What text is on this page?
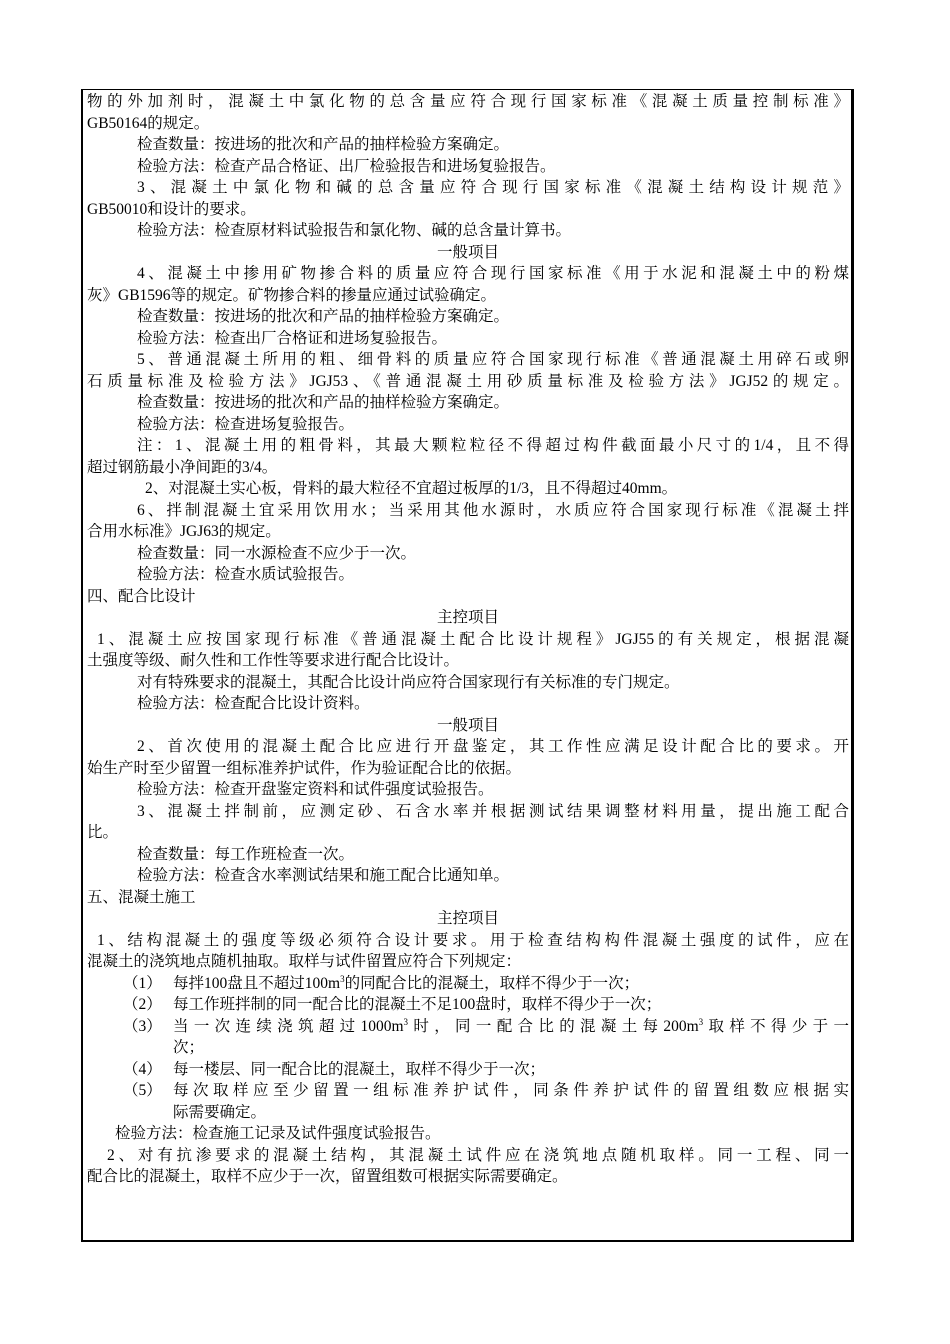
物的外加剂时，混凝土中氯化物的总含量应符合现行国家标准《混凝土质量控制标准》
GB50164的规定。
检查数量：按进场的批次和产品的抽样检验方案确定。
检验方法：检查产品合格证、出厂检验报告和进场复验报告。
3、混凝土中氯化物和碱的总含量应符合现行国家标准《混凝土结构设计规范》
GB50010和设计的要求。
检验方法：检查原材料试验报告和氯化物、碱的总含量计算书。
一般项目
4、混凝土中掺用矿物掺合料的质量应符合现行国家标准《用于水泥和混凝土中的粉煤
灰》GB1596等的规定。矿物掺合料的掺量应通过试验确定。
检查数量：按进场的批次和产品的抽样检验方案确定。
检验方法：检查出厂合格证和进场复验报告。
5、普通混凝土所用的粗、细骨料的质量应符合国家现行标准《普通混凝土用碎石或卵
石质量标准及检验方法》JGJ53、《普通混凝土用砂质量标准及检验方法》JGJ52的规定。
检查数量：按进场的批次和产品的抽样检验方案确定。
检验方法：检查进场复验报告。
注：1、混凝土用的粗骨料，其最大颗粒粒径不得超过构件截面最小尺寸的1/4，且不得
超过钢筋最小净间距的3/4。
2、对混凝土实心板，骨料的最大粒径不宜超过板厚的1/3，且不得超过40mm。
6、拌制混凝土宜采用饮用水；当采用其他水源时，水质应符合国家现行标准《混凝土拌
合用水标准》JGJ63的规定。
检查数量：同一水源检查不应少于一次。
检验方法：检查水质试验报告。
四、配合比设计
主控项目
1、混凝土应按国家现行标准《普通混凝土配合比设计规程》JGJ55的有关规定，根据混凝
土强度等级、耐久性和工作性等要求进行配合比设计。
对有特殊要求的混凝土，其配合比设计尚应符合国家现行有关标准的专门规定。
检验方法：检查配合比设计资料。
一般项目
2、首次使用的混凝土配合比应进行开盘鉴定，其工作性应满足设计配合比的要求。开
始生产时至少留置一组标准养护试件，作为验证配合比的依据。
检验方法：检查开盘鉴定资料和试件强度试验报告。
3、混凝土拌制前，应测定砂、石含水率并根据测试结果调整材料用量，提出施工配合
比。
检查数量：每工作班检查一次。
检验方法：检查含水率测试结果和施工配合比通知单。
五、混凝土施工
主控项目
1、结构混凝土的强度等级必须符合设计要求。用于检查结构构件混凝土强度的试件，应在
混凝土的浇筑地点随机抽取。取样与试件留置应符合下列规定：
（1） 每拌100盘且不超过$100m^3$的同配合比的混凝土，取样不得少于一次；
（2） 每工作班拌制的同一配合比的混凝土不足100盘时，取样不得少于一次；
（3） 当一次连续浇筑超过$1000m^3$时，同一配合比的混凝土每$200m^3$取样不得少于一
次；
（4） 每一楼层、同一配合比的混凝土，取样不得少于一次；
（5） 每次取样应至少留置一组标准养护试件，同条件养护试件的留置组数应根据实
际需要确定。
检验方法：检查施工记录及试件强度试验报告。
2、对有抗渗要求的混凝土结构，其混凝土试件应在浇筑地点随机取样。同一工程、同一
配合比的混凝土，取样不应少于一次，留置组数可根据实际需要确定。
